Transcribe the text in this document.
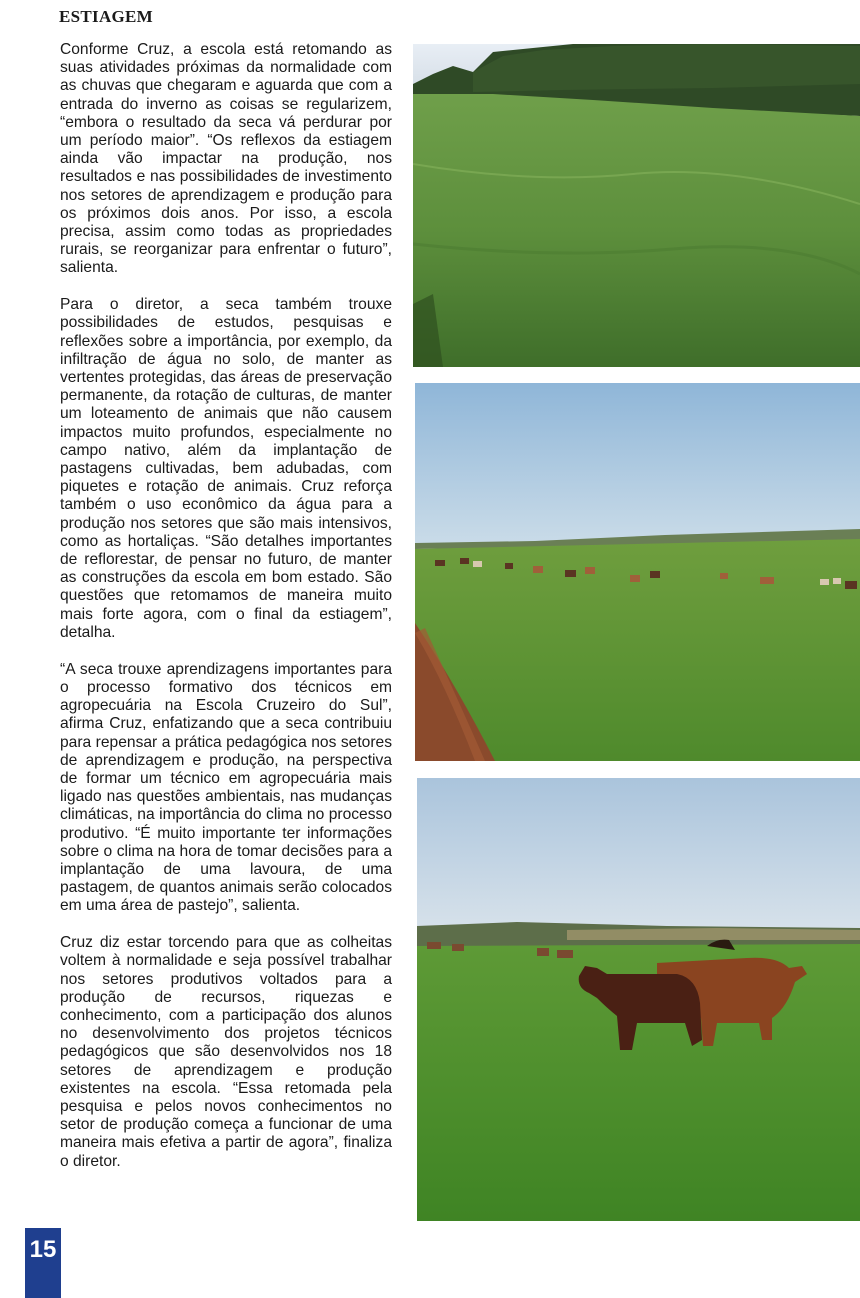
ESTIAGEM

Conforme Cruz, a escola está retomando as suas atividades próximas da normalidade com as chuvas que chegaram e aguarda que com a entrada do inverno as coisas se regularizem, “embora o resultado da seca vá perdurar por um período maior”. “Os reflexos da estiagem ainda vão impactar na produção, nos resultados e nas possibilidades de investimento nos setores de aprendizagem e produção para os próximos dois anos. Por isso, a escola precisa, assim como todas as propriedades rurais, se reorganizar para enfrentar o futuro”, salienta.

Para o diretor, a seca também trouxe possibilidades de estudos, pesquisas e reflexões sobre a importância, por exemplo, da infiltração de água no solo, de manter as vertentes protegidas, das áreas de preservação permanente, da rotação de culturas, de manter um loteamento de animais que não causem impactos muito profundos, especialmente no campo nativo, além da implantação de pastagens cultivadas, bem adubadas, com piquetes e rotação de animais. Cruz reforça também o uso econômico da água para a produção nos setores que são mais intensivos, como as hortaliças. “São detalhes importantes de reflorestar, de pensar no futuro, de manter as construções da escola em bom estado. São questões que retomamos de maneira muito mais forte agora, com o final da estiagem”, detalha.

“A seca trouxe aprendizagens importantes para o processo formativo dos técnicos em agropecuária na Escola Cruzeiro do Sul”, afirma Cruz, enfatizando que a seca contribuiu para repensar a prática pedagógica nos setores de aprendizagem e produção, na perspectiva de formar um técnico em agropecuária mais ligado nas questões ambientais, nas mudanças climáticas, na importância do clima no processo produtivo. “É muito importante ter informações sobre o clima na hora de tomar decisões para a implantação de uma lavoura, de uma pastagem, de quantos animais serão colocados em uma área de pastejo”, salienta.

Cruz diz estar torcendo para que as colheitas voltem à normalidade e seja possível trabalhar nos setores produtivos voltados para a produção de recursos, riquezas e conhecimento, com a participação dos alunos no desenvolvimento dos projetos técnicos pedagógicos que são desenvolvidos nos 18 setores de aprendizagem e produção existentes na escola. “Essa retomada pela pesquisa e pelos novos conhecimentos no setor de produção começa a funcionar de uma maneira mais efetiva a partir de agora”, finaliza o diretor.

15
